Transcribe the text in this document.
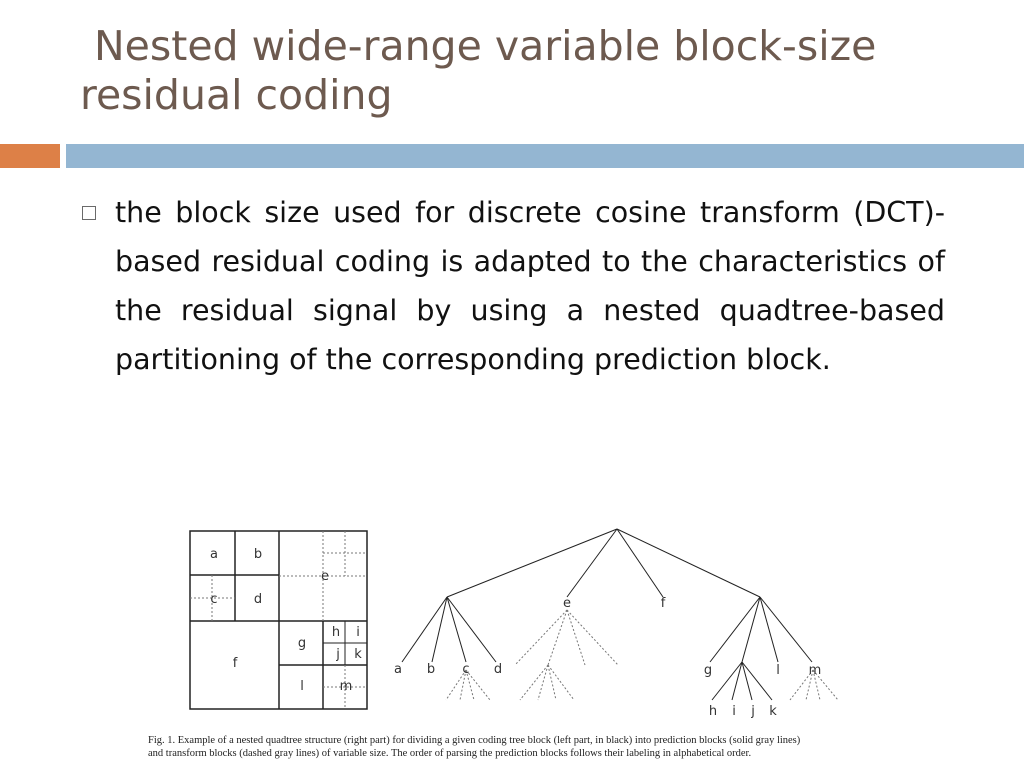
Nested wide-range variable block-size residual coding
the block size used for discrete cosine transform (DCT)-based residual coding is adapted to the characteristics of the residual signal by using a nested quadtree-based partitioning of the corresponding prediction block.
a	b
c	d
e
f
g
h i
j k
l	m
e	f
a b c d	g	l m
h i j k
Fig. 1. Example of a nested quadtree structure (right part) for dividing a given coding tree block (left part, in black) into prediction blocks (solid gray lines)
and transform blocks (dashed gray lines) of variable size. The order of parsing the prediction blocks follows their labeling in alphabetical order.
